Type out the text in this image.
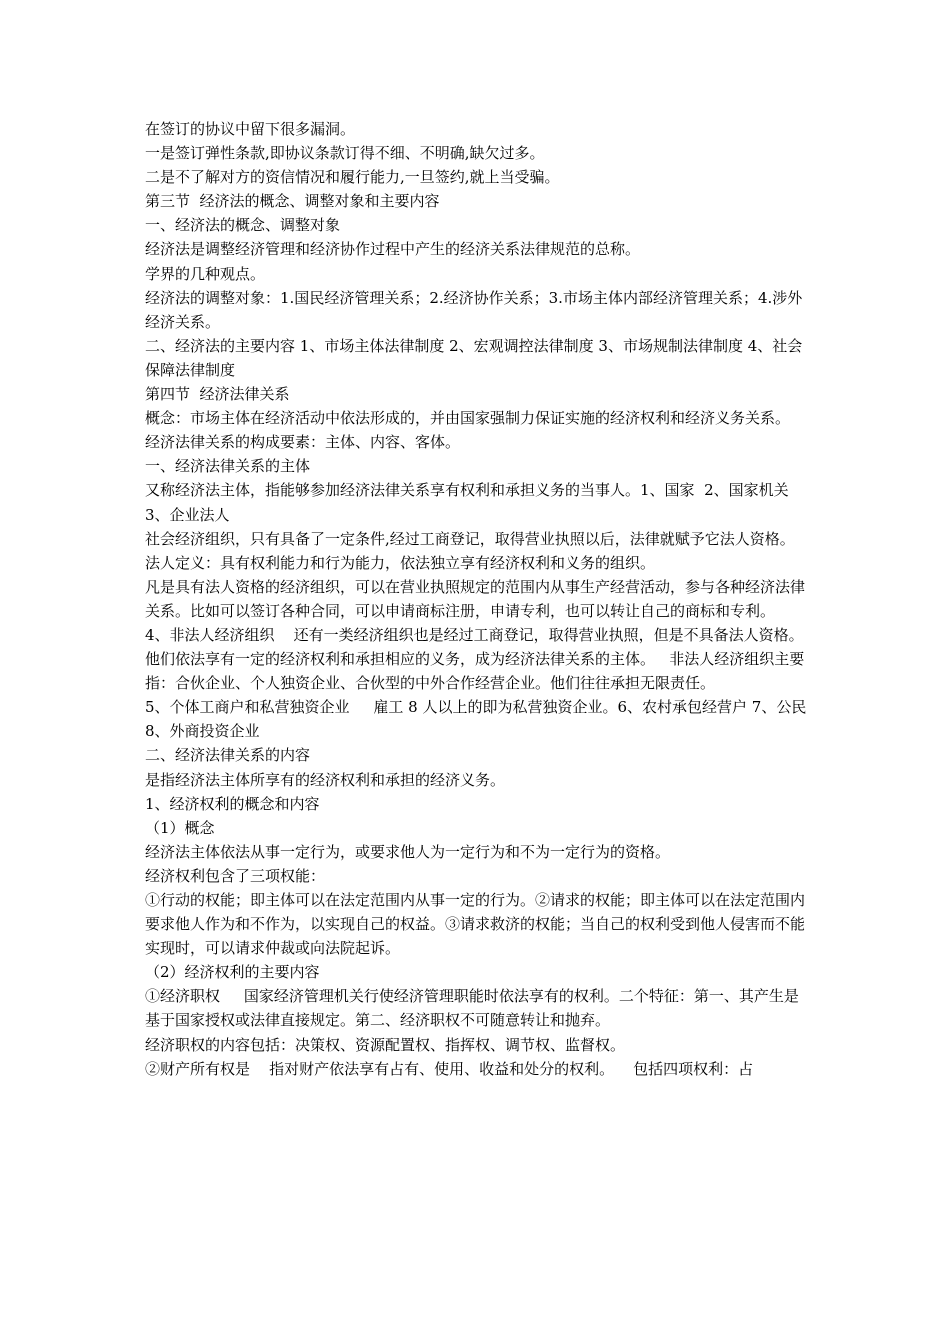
在签订的协议中留下很多漏洞。

一是签订弹性条款,即协议条款订得不细、不明确,缺欠过多。

二是不了解对方的资信情况和履行能力,一旦签约,就上当受骗。

第三节  经济法的概念、调整对象和主要内容

一、经济法的概念、调整对象

经济法是调整经济管理和经济协作过程中产生的经济关系法律规范的总称。

学界的几种观点。

经济法的调整对象：1.国民经济管理关系；2.经济协作关系；3.市场主体内部经济管理关系；4.涉外经济关系。

二、经济法的主要内容 1、市场主体法律制度 2、宏观调控法律制度 3、市场规制法律制度 4、社会保障法律制度

第四节  经济法律关系

概念：市场主体在经济活动中依法形成的，并由国家强制力保证实施的经济权利和经济义务关系。

经济法律关系的构成要素：主体、内容、客体。

一、经济法律关系的主体

又称经济法主体，指能够参加经济法律关系享有权利和承担义务的当事人。1、国家  2、国家机关 3、企业法人

社会经济组织，只有具备了一定条件,经过工商登记，取得营业执照以后，法律就赋予它法人资格。

法人定义：具有权利能力和行为能力，依法独立享有经济权利和义务的组织。

凡是具有法人资格的经济组织，可以在营业执照规定的范围内从事生产经营活动，参与各种经济法律关系。比如可以签订各种合同，可以申请商标注册，申请专利，也可以转让自己的商标和专利。

4、非法人经济组织    还有一类经济组织也是经过工商登记，取得营业执照，但是不具备法人资格。他们依法享有一定的经济权利和承担相应的义务，成为经济法律关系的主体。   非法人经济组织主要指：合伙企业、个人独资企业、合伙型的中外合作经营企业。他们往往承担无限责任。

5、个体工商户和私营独资企业     雇工 8 人以上的即为私营独资企业。6、农村承包经营户 7、公民 8、外商投资企业

二、经济法律关系的内容

是指经济法主体所享有的经济权利和承担的经济义务。

1、经济权利的概念和内容

（1）概念

经济法主体依法从事一定行为，或要求他人为一定行为和不为一定行为的资格。

经济权利包含了三项权能：

①行动的权能；即主体可以在法定范围内从事一定的行为。②请求的权能；即主体可以在法定范围内要求他人作为和不作为，以实现自己的权益。③请求救济的权能；当自己的权利受到他人侵害而不能实现时，可以请求仲裁或向法院起诉。

（2）经济权利的主要内容

①经济职权     国家经济管理机关行使经济管理职能时依法享有的权利。二个特征：第一、其产生是基于国家授权或法律直接规定。第二、经济职权不可随意转让和抛弃。

经济职权的内容包括：决策权、资源配置权、指挥权、调节权、监督权。

②财产所有权是    指对财产依法享有占有、使用、收益和处分的权利。    包括四项权利：占
